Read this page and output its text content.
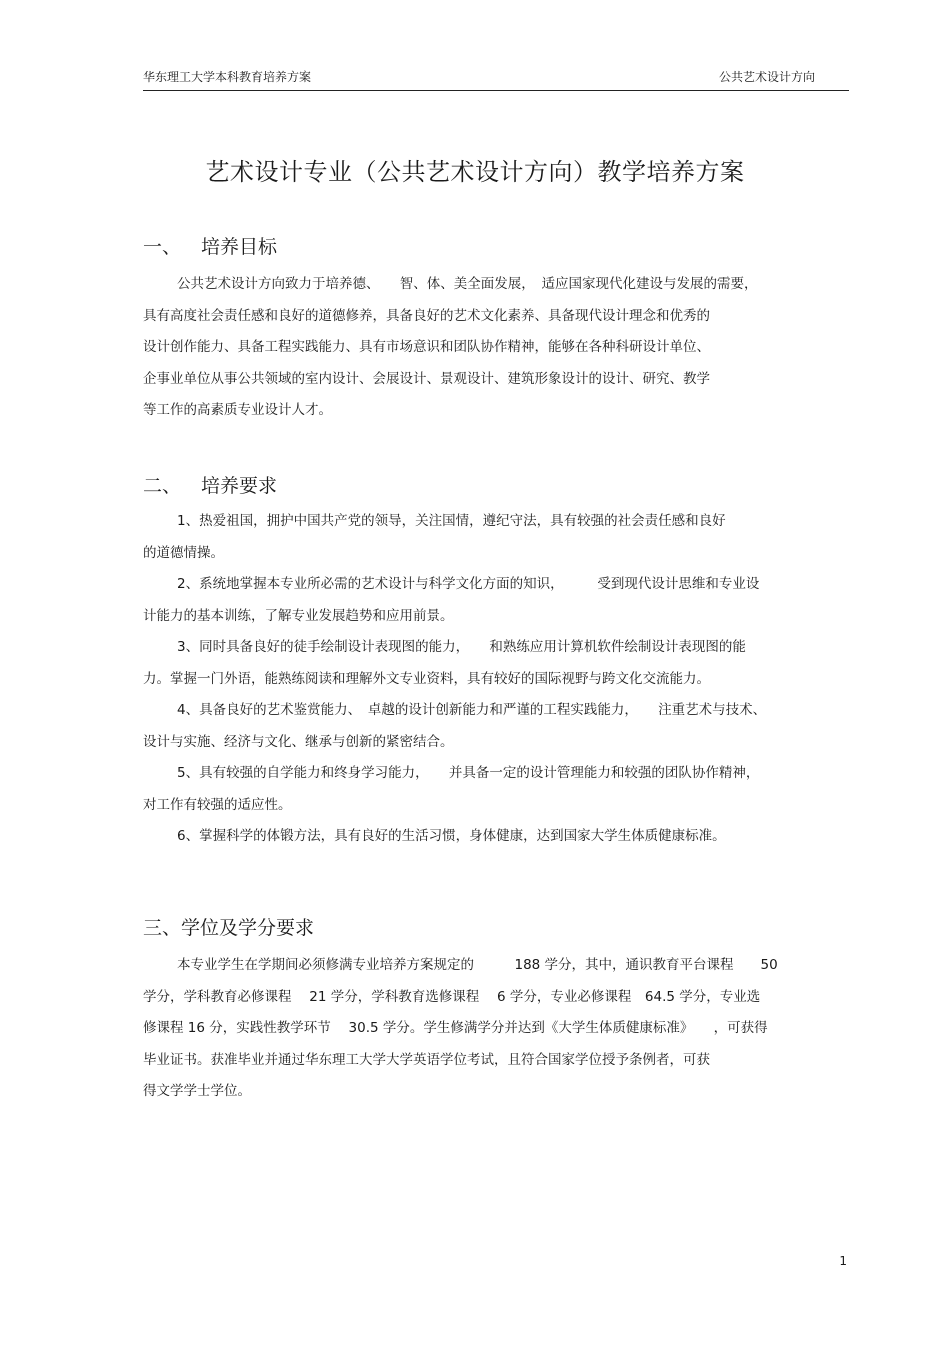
华东理工大学本科教育培养方案	公共艺术设计方向
艺术设计专业（公共艺术设计方向）教学培养方案
一、 培养目标
公共艺术设计方向致力于培养德、　　智、体、美全面发展，　适应国家现代化建设与发展的需要，
具有高度社会责任感和良好的道德修养，具备良好的艺术文化素养、具备现代设计理念和优秀的
设计创作能力、具备工程实践能力、具有市场意识和团队协作精神，能够在各种科研设计单位、
企事业单位从事公共领域的室内设计、会展设计、景观设计、建筑形象设计的设计、研究、教学
等工作的高素质专业设计人才。
二、 培养要求
1、热爱祖国，拥护中国共产党的领导，关注国情，遵纪守法，具有较强的社会责任感和良好
的道德情操。
2、系统地掌握本专业所必需的艺术设计与科学文化方面的知识，　　　受到现代设计思维和专业设
计能力的基本训练，了解专业发展趋势和应用前景。
3、同时具备良好的徒手绘制设计表现图的能力，　　和熟练应用计算机软件绘制设计表现图的能
力。掌握一门外语，能熟练阅读和理解外文专业资料，具有较好的国际视野与跨文化交流能力。
4、具备良好的艺术鉴赏能力、　卓越的设计创新能力和严谨的工程实践能力，　　注重艺术与技术、
设计与实施、经济与文化、继承与创新的紧密结合。
5、具有较强的自学能力和终身学习能力，　　并具备一定的设计管理能力和较强的团队协作精神，
对工作有较强的适应性。
6、掌握科学的体锻方法，具有良好的生活习惯，身体健康，达到国家大学生体质健康标准。
三、学位及学分要求
本专业学生在学期间必须修满专业培养方案规定的　　　188 学分，其中，通识教育平台课程　　50
学分，学科教育必修课程　 21 学分，学科教育选修课程　 6 学分，专业必修课程　64.5 学分，专业选
修课程 16 分，实践性教学环节　 30.5 学分。学生修满学分并达到《大学生体质健康标准》　　，可获得
毕业证书。获准毕业并通过华东理工大学大学英语学位考试，且符合国家学位授予条例者，可获
得文学学士学位。
1
